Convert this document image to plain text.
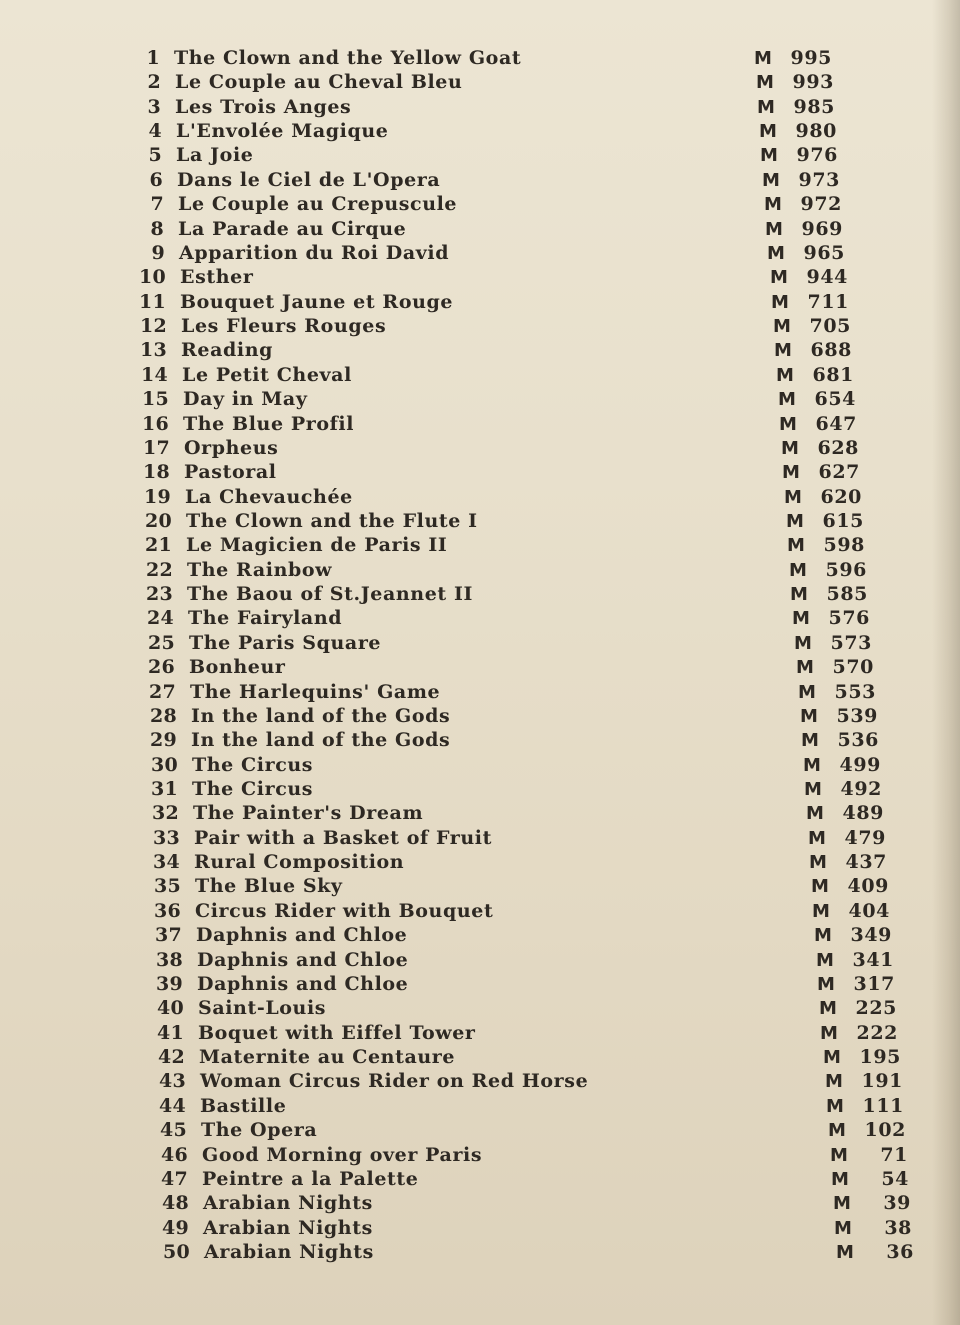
1 The Clown and the Yellow Goat	M 995
2 Le Couple au Cheval Bleu	M 993
3 Les Trois Anges	M 985
4 L'Envolée Magique	M 980
5 La Joie	M 976
6 Dans le Ciel de L'Opera	M 973
7 Le Couple au Crepuscule	M 972
8 La Parade au Cirque	M 969
9 Apparition du Roi David	M 965
10 Esther	M 944
11 Bouquet Jaune et Rouge	M 711
12 Les Fleurs Rouges	M 705
13 Reading	M 688
14 Le Petit Cheval	M 681
15 Day in May	M 654
16 The Blue Profil	M 647
17 Orpheus	M 628
18 Pastoral	M 627
19 La Chevauchée	M 620
20 The Clown and the Flute I	M 615
21 Le Magicien de Paris II	M 598
22 The Rainbow	M 596
23 The Baou of St.Jeannet II	M 585
24 The Fairyland	M 576
25 The Paris Square	M 573
26 Bonheur	M 570
27 The Harlequins' Game	M 553
28 In the land of the Gods	M 539
29 In the land of the Gods	M 536
30 The Circus	M 499
31 The Circus	M 492
32 The Painter's Dream	M 489
33 Pair with a Basket of Fruit	M 479
34 Rural Composition	M 437
35 The Blue Sky	M 409
36 Circus Rider with Bouquet	M 404
37 Daphnis and Chloe	M 349
38 Daphnis and Chloe	M 341
39 Daphnis and Chloe	M 317
40 Saint-Louis	M 225
41 Boquet with Eiffel Tower	M 222
42 Maternite au Centaure	M 195
43 Woman Circus Rider on Red Horse	M 191
44 Bastille	M 111
45 The Opera	M 102
46 Good Morning over Paris	M 71
47 Peintre a la Palette	M 54
48 Arabian Nights	M 39
49 Arabian Nights	M 38
50 Arabian Nights	M 36
